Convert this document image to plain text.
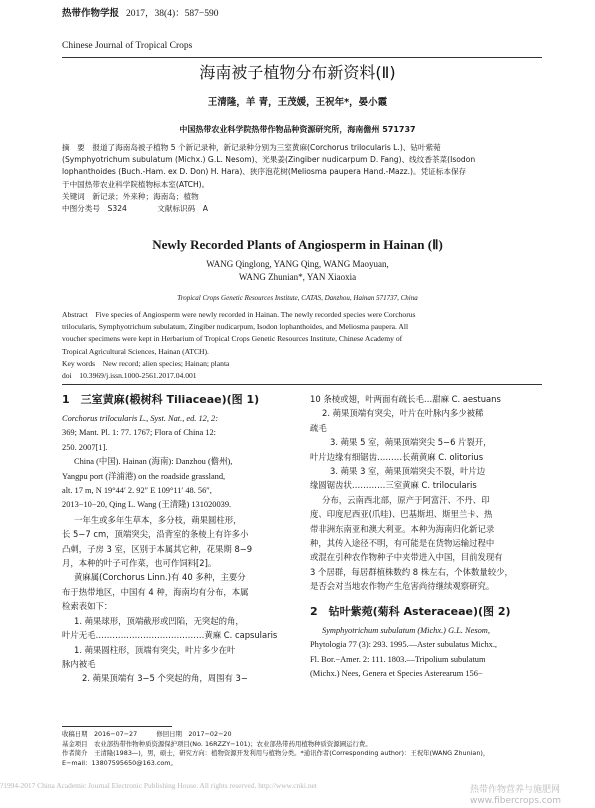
热带作物学报 2017，38(4)：587−590
Chinese Journal of Tropical Crops
海南被子植物分布新资料(Ⅱ)
王清隆，羊 青，王茂媛，王祝年*，晏小霞
中国热带农业科学院热带作物品种资源研究所，海南儋州 571737
摘　要　报道了海南岛被子植物 5 个新记录种，新记录种分别为三室黄麻(Corchorus trilocularis L.)、钻叶紫菀
(Symphyotrichum subulatum (Michx.) G.L. Nesom)、光果姜(Zingiber nudicarpum D. Fang)、线纹香茶菜(Isodon
lophanthoides (Buch.-Ham. ex D. Don) H. Hara)、狭序泡花树(Meliosma paupera Hand.-Mazz.)。凭证标本保存
于中国热带农业科学院植物标本室(ATCH)。
关键词　新记录；外来种；海南岛；植物
中图分类号　S324　　　　文献标识码　A
Newly Recorded Plants of Angiosperm in Hainan (Ⅱ)
WANG Qinglong, YANG Qing, WANG Maoyuan,
WANG Zhunian*, YAN Xiaoxia
Tropical Crops Genetic Resources Institute, CATAS, Danzhou, Hainan 571737, China
Abstract　Five species of Angiosperm were newly recorded in Hainan. The newly recorded species were Corchorus
trilocularis, Symphyotrichum subulatum, Zingiber nudicarpum, Isodon lophanthoides, and Meliosma paupera. All
voucher specimens were kept in Herbarium of Tropical Crops Genetic Resources Institute, Chinese Academy of
Tropical Agricultural Sciences, Hainan (ATCH).
Key words　New record; alien species; Hainan; planta
doi　10.3969/j.issn.1000-2561.2017.04.001
1　三室黄麻(椴树科 Tiliaceae)(图 1)

Corchorus trilocularis L., Syst. Nat., ed. 12, 2:

369; Mant. Pl. 1: 77. 1767; Flora of China 12:

250. 2007[1].

China (中国). Hainan (海南): Danzhou (儋州),

Yangpu port (洋浦港) on the roadside grassland,

alt. 17 m, N 19°44′ 2. 92″ E 109°11′ 48. 56″,

2013−10−20, Qing L. Wang (王清隆) 131020039.

一年生或多年生草本，多分枝，蒴果圆柱形，

长 5−7 cm，顶端突尖，沿背室的条棱上有许多小

凸刺，子房 3 室，区别于本属其它种，花果期 8−9

月，本种的叶子可作菜，也可作饲料[2]。

黄麻属(Corchorus Linn.)有 40 多种，主要分

布于热带地区，中国有 4 种，海南均有分布，本属

检索表如下：

1. 蒴果球形，顶端截形或凹陷，无突起的角，

叶片无毛…………………………………黄麻 C. capsularis

1. 蒴果圆柱形，顶端有突尖，叶片多少在叶

脉内被毛

2. 蒴果顶端有 3−5 个突起的角，周围有 3−

10 条棱或翅，叶两面有疏长毛…甜麻 C. aestuans

2. 蒴果顶端有突尖，叶片在叶脉内多少被稀

疏毛

3. 蒴果 5 室，蒴果顶端突尖 5−6 片裂开，

叶片边缘有细锯齿………长蒴黄麻 C. olitorius

3. 蒴果 3 室，蒴果顶端突尖不裂，叶片边

缘圆锯齿状…………三室黄麻 C. trilocularis

分布，云南西北部，原产于阿富汗、不丹、印

度、印度尼西亚(爪哇)、巴基斯坦、斯里兰卡、热

带非洲东南亚和澳大利亚。本种为海南归化新记录

种，其传入途径不明，有可能是在货物运输过程中

或混在引种农作物种子中夹带进入中国，目前发现有

3 个居群，每居群植株数约 8 株左右，个体数量较少，

是否会对当地农作物产生危害尚待继续观察研究。

2　钻叶紫菀(菊科 Asteraceae)(图 2)

Symphyotrichum subulatum (Michx.) G.L. Nesom,

Phytologia 77 (3): 293. 1995.—Aster subulatus Michx.,

Fl. Bor.−Amer. 2: 111. 1803.—Tripolium subulatum

(Michx.) Nees, Genera et Species Asterearum 156−

收稿日期　2016−07−27　　　修回日期　2017−02−20
基金项目　农业部热带作物种质资源保护项目(No. 16RZZY−101)；农业部热带药用植物种质资源圃运行费。
作者简介　王清隆(1983—)，男，硕士，研究方向：植物资源开发利用与植物分类。*通讯作者(Corresponding author)：王祝年(WANG Zhunian)，
E−mail：13807595650@163.com。
?1994-2017 China Academic Journal Electronic Publishing House. All rights reserved. http://www.cnki.net	热带作物营养与施肥网 www.fibercrops.com
